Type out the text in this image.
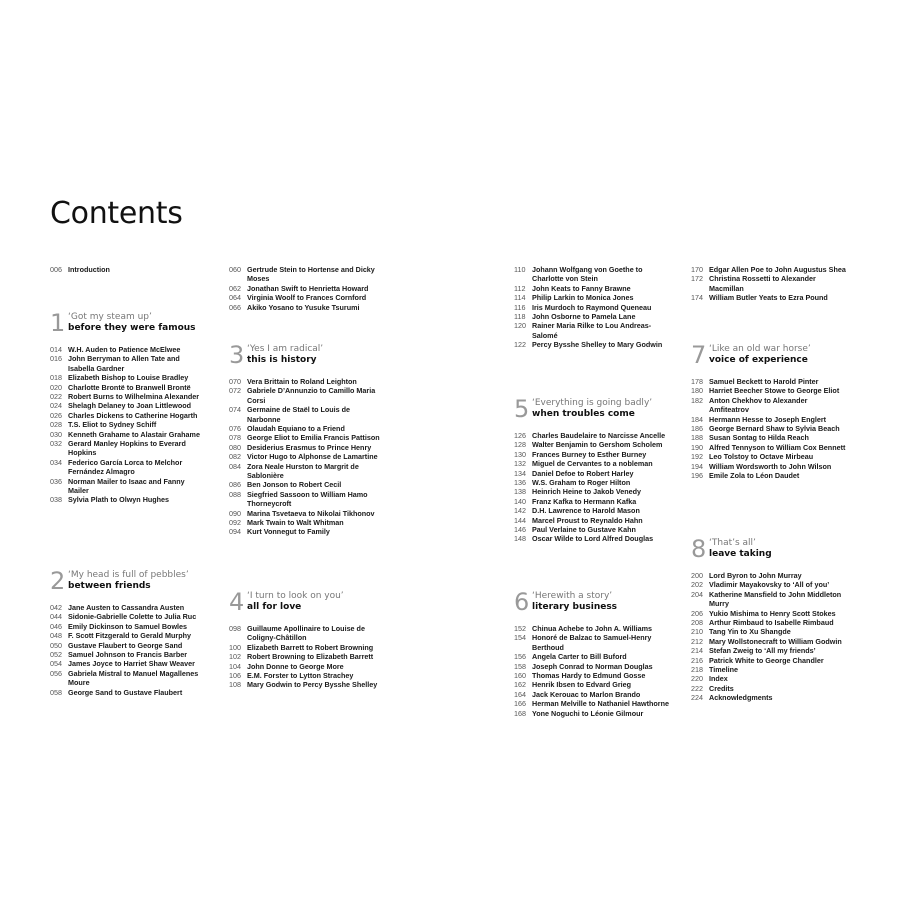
Contents
006 Introduction
1 ‘Got my steam up’
before they were famous
014 W.H. Auden to Patience McElwee
016 John Berryman to Allen Tate and Isabella Gardner
018 Elizabeth Bishop to Louise Bradley
020 Charlotte Brontë to Branwell Brontë
022 Robert Burns to Wilhelmina Alexander
024 Shelagh Delaney to Joan Littlewood
026 Charles Dickens to Catherine Hogarth
028 T.S. Eliot to Sydney Schiff
030 Kenneth Grahame to Alastair Grahame
032 Gerard Manley Hopkins to Everard Hopkins
034 Federico García Lorca to Melchor Fernández Almagro
036 Norman Mailer to Isaac and Fanny Mailer
038 Sylvia Plath to Olwyn Hughes
2 ‘My head is full of pebbles’
between friends
042 Jane Austen to Cassandra Austen
044 Sidonie-Gabrielle Colette to Julia Ruc
046 Emily Dickinson to Samuel Bowles
048 F. Scott Fitzgerald to Gerald Murphy
050 Gustave Flaubert to George Sand
052 Samuel Johnson to Francis Barber
054 James Joyce to Harriet Shaw Weaver
056 Gabriela Mistral to Manuel Magallenes Moure
058 George Sand to Gustave Flaubert
060 Gertrude Stein to Hortense and Dicky Moses
062 Jonathan Swift to Henrietta Howard
064 Virginia Woolf to Frances Cornford
066 Akiko Yosano to Yusuke Tsurumi
3 ‘Yes I am radical’
this is history
070 Vera Brittain to Roland Leighton
072 Gabriele D’Annunzio to Camillo Maria Corsi
074 Germaine de Staël to Louis de Narbonne
076 Olaudah Equiano to a Friend
078 George Eliot to Emilia Francis Pattison
080 Desiderius Erasmus to Prince Henry
082 Victor Hugo to Alphonse de Lamartine
084 Zora Neale Hurston to Margrit de Sablonière
086 Ben Jonson to Robert Cecil
088 Siegfried Sassoon to William Hamo Thorneycroft
090 Marina Tsvetaeva to Nikolai Tikhonov
092 Mark Twain to Walt Whitman
094 Kurt Vonnegut to Family
4 ‘I turn to look on you’
all for love
098 Guillaume Apollinaire to Louise de Coligny-Châtillon
100 Elizabeth Barrett to Robert Browning
102 Robert Browning to Elizabeth Barrett
104 John Donne to George More
106 E.M. Forster to Lytton Strachey
108 Mary Godwin to Percy Bysshe Shelley
110 Johann Wolfgang von Goethe to Charlotte von Stein
112 John Keats to Fanny Brawne
114 Philip Larkin to Monica Jones
116 Iris Murdoch to Raymond Queneau
118 John Osborne to Pamela Lane
120 Rainer Maria Rilke to Lou Andreas-Salomé
122 Percy Bysshe Shelley to Mary Godwin
5 ‘Everything is going badly’
when troubles come
126 Charles Baudelaire to Narcisse Ancelle
128 Walter Benjamin to Gershom Scholem
130 Frances Burney to Esther Burney
132 Miguel de Cervantes to a nobleman
134 Daniel Defoe to Robert Harley
136 W.S. Graham to Roger Hilton
138 Heinrich Heine to Jakob Venedy
140 Franz Kafka to Hermann Kafka
142 D.H. Lawrence to Harold Mason
144 Marcel Proust to Reynaldo Hahn
146 Paul Verlaine to Gustave Kahn
148 Oscar Wilde to Lord Alfred Douglas
6 ‘Herewith a story’
literary business
152 Chinua Achebe to John A. Williams
154 Honoré de Balzac to Samuel-Henry Berthoud
156 Angela Carter to Bill Buford
158 Joseph Conrad to Norman Douglas
160 Thomas Hardy to Edmund Gosse
162 Henrik Ibsen to Edvard Grieg
164 Jack Kerouac to Marlon Brando
166 Herman Melville to Nathaniel Hawthorne
168 Yone Noguchi to Léonie Gilmour
170 Edgar Allen Poe to John Augustus Shea
172 Christina Rossetti to Alexander Macmillan
174 William Butler Yeats to Ezra Pound
7 ‘Like an old war horse’
voice of experience
178 Samuel Beckett to Harold Pinter
180 Harriet Beecher Stowe to George Eliot
182 Anton Chekhov to Alexander Amfiteatrov
184 Hermann Hesse to Joseph Englert
186 George Bernard Shaw to Sylvia Beach
188 Susan Sontag to Hilda Reach
190 Alfred Tennyson to William Cox Bennett
192 Leo Tolstoy to Octave Mirbeau
194 William Wordsworth to John Wilson
196 Emile Zola to Léon Daudet
8 ‘That’s all’
leave taking
200 Lord Byron to John Murray
202 Vladimir Mayakovsky to ‘All of you’
204 Katherine Mansfield to John Middleton Murry
206 Yukio Mishima to Henry Scott Stokes
208 Arthur Rimbaud to Isabelle Rimbaud
210 Tang Yin to Xu Shangde
212 Mary Wollstonecraft to William Godwin
214 Stefan Zweig to ‘All my friends’
216 Patrick White to George Chandler
218 Timeline
220 Index
222 Credits
224 Acknowledgments
